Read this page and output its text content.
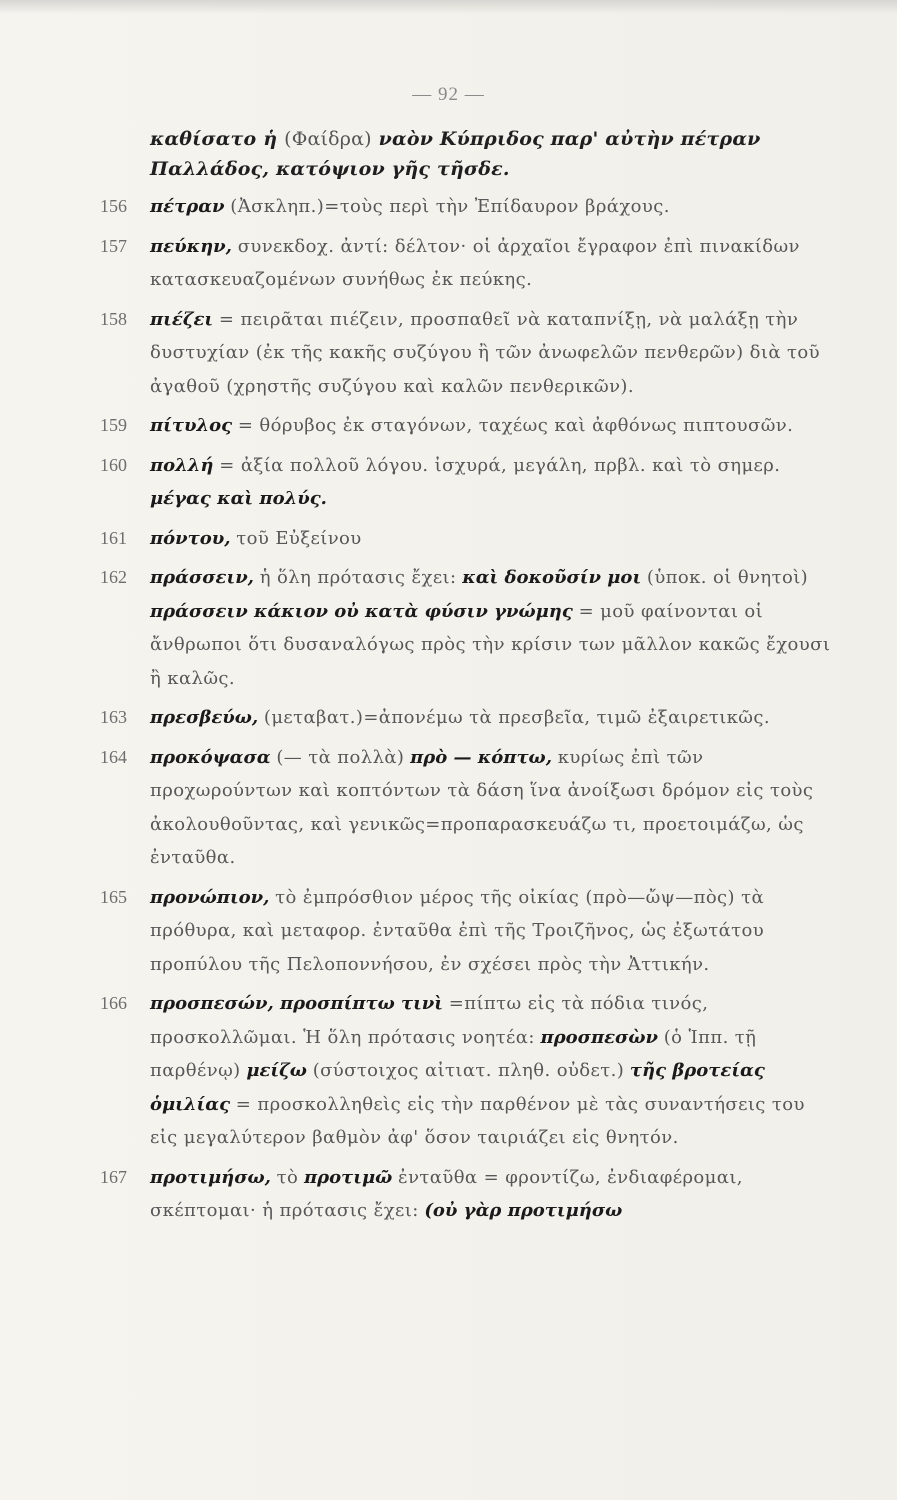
— 92 —
καθίσατο ἡ (Φαίδρα) ναὸν Κύπριδος παρ' αὐτὴν πέτραν
Παλλάδος, κατόψιον γῆς τῆσδε.
156	πέτραν (Ἀσκληπ.)=τοὺς περὶ τὴν Ἐπίδαυρον βράχους.
157	πεύκην, συνεκδοχ. ἀντί: δέλτον· οἱ ἀρχαῖοι ἔγραφον ἐπὶ πινακίδων κατασκευαζομένων συνήθως ἐκ πεύκης.
158	πιέζει = πειρᾶται πιέζειν, προσπαθεῖ νὰ καταπνίξῃ, νὰ μαλάξῃ τὴν δυστυχίαν (ἐκ τῆς κακῆς συζύγου ἢ τῶν ἀνωφελῶν πενθερῶν) διὰ τοῦ ἀγαθοῦ (χρηστῆς συζύγου καὶ καλῶν πενθερικῶν).
159	πίτυλος = θόρυβος ἐκ σταγόνων, ταχέως καὶ ἀφθόνως πιπτουσῶν.
160	πολλή = ἀξία πολλοῦ λόγου. ἰσχυρά, μεγάλη, πρβλ. καὶ τὸ σημερ. μέγας καὶ πολύς.
161	πόντου, τοῦ Εὐξείνου
162	πράσσειν, ἡ ὅλη πρότασις ἔχει: καὶ δοκοῦσίν μοι (ὑποκ. οἱ θνητοὶ) πράσσειν κάκιον οὐ κατὰ φύσιν γνώμης = μοῦ φαίνονται οἱ ἄνθρωποι ὅτι δυσαναλόγως πρὸς τὴν κρίσιν των μᾶλλον κακῶς ἔχουσι ἢ καλῶς.
163	πρεσβεύω, (μεταβατ.)=ἀπονέμω τὰ πρεσβεῖα, τιμῶ ἐξαιρετικῶς.
164	προκόψασα (— τὰ πολλὰ) πρὸ — κόπτω, κυρίως ἐπὶ τῶν προχωρούντων καὶ κοπτόντων τὰ δάση ἵνα ἀνοίξωσι δρόμον εἰς τοὺς ἀκολουθοῦντας, καὶ γενικῶς=προπαρασκευάζω τι, προετοιμάζω, ὡς ἐνταῦθα.
165	προνώπιον, τὸ ἐμπρόσθιον μέρος τῆς οἰκίας (πρὸ—ὤψ—πὸς) τὰ πρόθυρα, καὶ μεταφορ. ἐνταῦθα ἐπὶ τῆς Τροιζῆνος, ὡς ἐξωτάτου προπύλου τῆς Πελοποννήσου, ἐν σχέσει πρὸς τὴν Ἀττικήν.
166	προσπεσών, προσπίπτω τινὶ =πίπτω εἰς τὰ πόδια τινός, προσκολλῶμαι. Ἡ ὅλη πρότασις νοητέα: προσπεσὼν (ὁ Ἱππ. τῇ παρθένῳ) μείζω (σύστοιχος αἰτιατ. πληθ. οὐδετ.) τῆς βροτείας ὁμιλίας = προσκολληθεὶς εἰς τὴν παρθένον μὲ τὰς συναντήσεις του εἰς μεγαλύτερον βαθμὸν ἀφ' ὅσον ταιριάζει εἰς θνητόν.
167	προτιμήσω, τὸ προτιμῶ ἐνταῦθα = φροντίζω, ἐνδιαφέρομαι, σκέπτομαι· ἡ πρότασις ἔχει: (οὐ γὰρ προτιμήσω
